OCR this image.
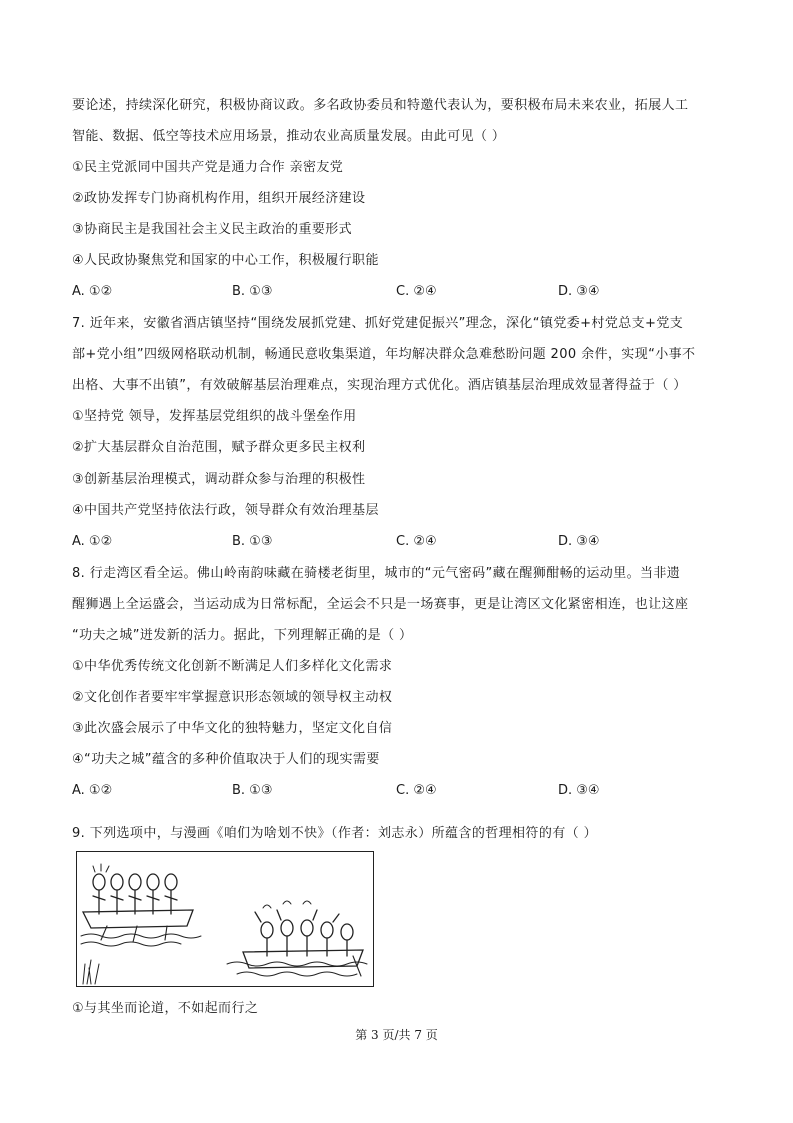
要论述，持续深化研究，积极协商议政。多名政协委员和特邀代表认为，要积极布局未来农业，拓展人工
智能、数据、低空等技术应用场景，推动农业高质量发展。由此可见（ ）
①民主党派同中国共产党是通力合作 亲密友党
②政协发挥专门协商机构作用，组织开展经济建设
③协商民主是我国社会主义民主政治的重要形式
④人民政协聚焦党和国家的中心工作，积极履行职能
A. ①②	B. ①③	C. ②④	D. ③④
7. 近年来，安徽省酒店镇坚持“围绕发展抓党建、抓好党建促振兴”理念，深化“镇党委+村党总支+党支
部+党小组”四级网格联动机制，畅通民意收集渠道，年均解决群众急难愁盼问题 200 余件，实现“小事不
出格、大事不出镇”，有效破解基层治理难点，实现治理方式优化。酒店镇基层治理成效显著得益于（ ）
①坚持党 领导，发挥基层党组织的战斗堡垒作用
②扩大基层群众自治范围，赋予群众更多民主权利
③创新基层治理模式，调动群众参与治理的积极性
④中国共产党坚持依法行政，领导群众有效治理基层
A. ①②	B. ①③	C. ②④	D. ③④
8. 行走湾区看全运。佛山岭南韵味藏在骑楼老街里，城市的“元气密码”藏在醒狮酣畅的运动里。当非遗
醒狮遇上全运盛会，当运动成为日常标配，全运会不只是一场赛事，更是让湾区文化紧密相连，也让这座
“功夫之城”迸发新的活力。据此，下列理解正确的是（ ）
①中华优秀传统文化创新不断满足人们多样化文化需求
②文化创作者要牢牢掌握意识形态领域的领导权主动权
③此次盛会展示了中华文化的独特魅力，坚定文化自信
④“功夫之城”蕴含的多种价值取决于人们的现实需要
A. ①②	B. ①③	C. ②④	D. ③④
9. 下列选项中，与漫画《咱们为啥划不快》（作者：刘志永）所蕴含的哲理相符的有（ ）
①与其坐而论道，不如起而行之
第 3 页/共 7 页
